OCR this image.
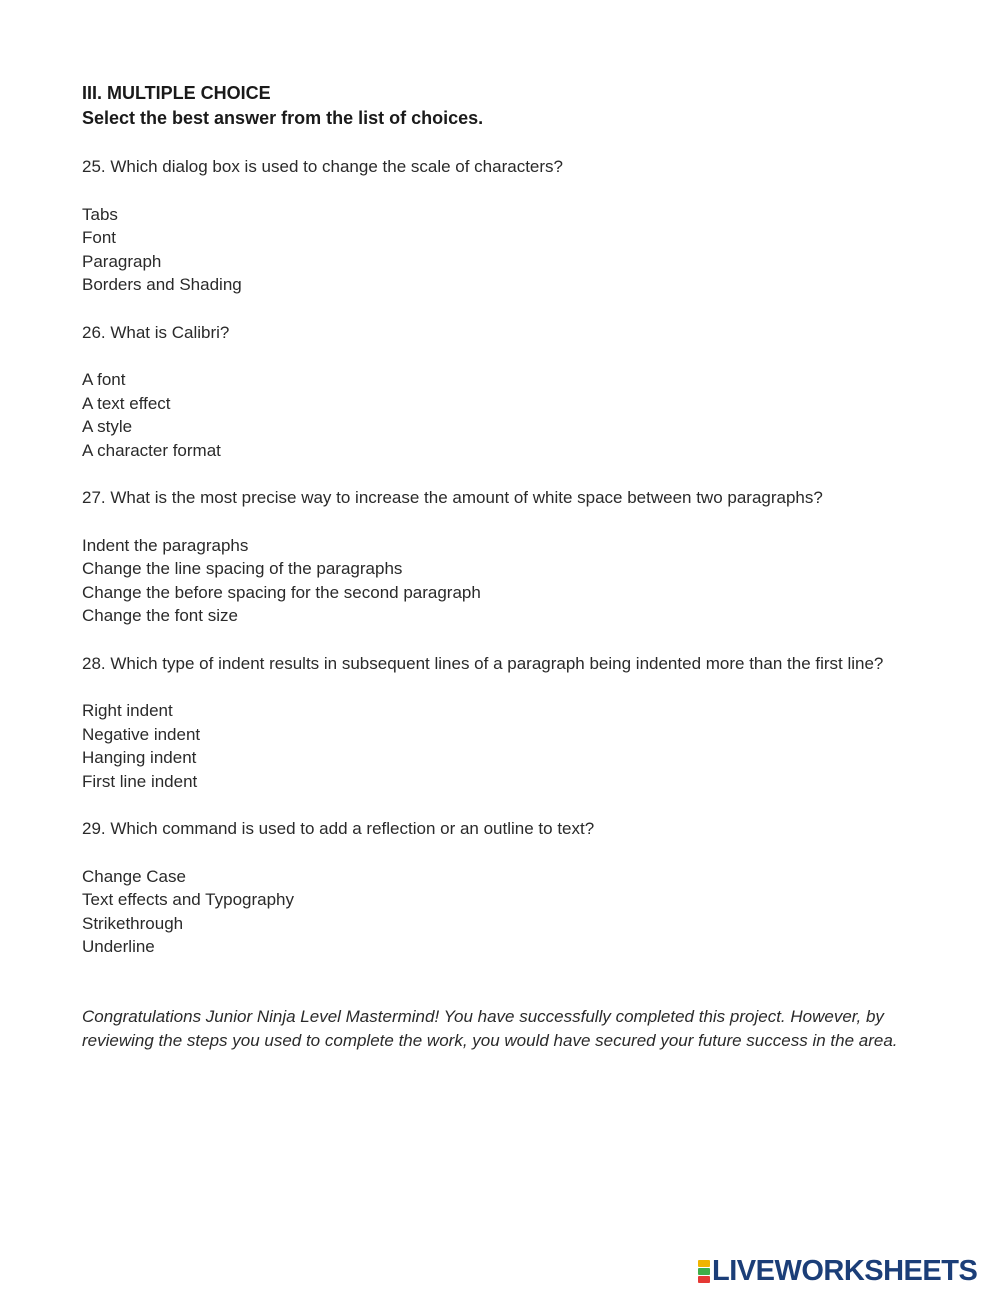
III. MULTIPLE CHOICE
Select the best answer from the list of choices.
25. Which dialog box is used to change the scale of characters?
Tabs
Font
Paragraph
Borders and Shading
26. What is Calibri?
A font
A text effect
A style
A character format
27. What is the most precise way to increase the amount of white space between two paragraphs?
Indent the paragraphs
Change the line spacing of the paragraphs
Change the before spacing for the second paragraph
Change the font size
28. Which type of indent results in subsequent lines of a paragraph being indented more than the first line?
Right indent
Negative indent
Hanging indent
First line indent
29. Which command is used to add a reflection or an outline to text?
Change Case
Text effects and Typography
Strikethrough
Underline
Congratulations Junior Ninja Level Mastermind! You have successfully completed this project. However, by reviewing the steps you used to complete the work, you would have secured your future success in the area.
LIVEWORKSHEETS
